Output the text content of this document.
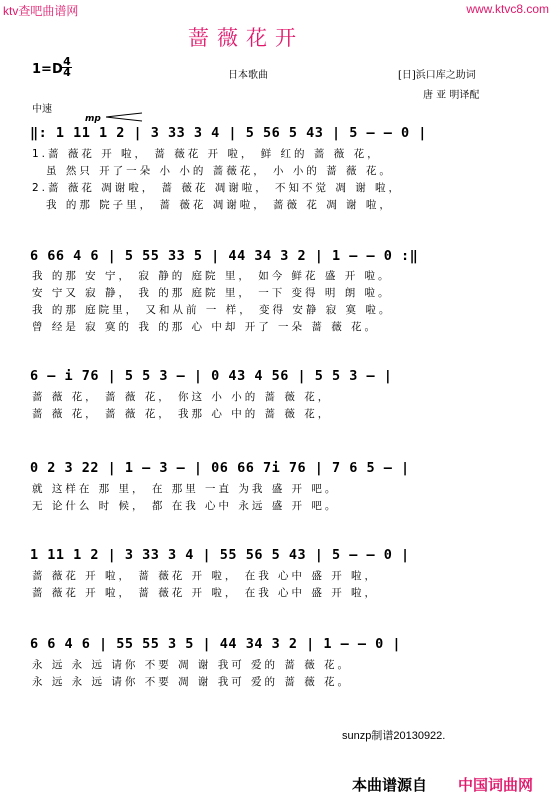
ktv查吧曲谱网	www.ktvc8.com
蔷薇花开
1=D
4
4	日本歌曲	[日]浜口库之助词
唐 亚 明译配
中速
mp
‖: 1 11 1 2 | 3 33 3 4 | 5 56 5 43 | 5 – – 0 |
1.蔷 薇花 开 啦， 蔷 薇花 开 啦， 鲜 红的 蔷 薇 花，
虽 然只 开了一朵 小 小的 蔷薇花， 小 小的 蔷 薇 花。
2.蔷 薇花 凋谢啦， 蔷 薇花 凋谢啦， 不知不觉 凋 谢 啦，
我 的那 院子里， 蔷 薇花 凋谢啦， 蔷薇 花 凋 谢 啦，
6 66 4 6 | 5 55 33 5 | 44 34 3 2 | 1 – – 0 :‖
我 的那 安 宁， 寂 静的 庭院 里， 如今 鲜花 盛 开 啦。
安 宁又 寂 静， 我 的那 庭院 里， 一下 变得 明 朗 啦。
我 的那 庭院里， 又和从前 一 样， 变得 安静 寂 寞 啦。
曾 经是 寂 寞的 我 的那 心 中却 开了 一朵 蔷 薇 花。
6 – i 76 | 5 5 3 – | 0 43 4 56 | 5 5 3 – |
蔷 薇 花， 蔷 薇 花， 你这 小 小的 蔷 薇 花，
蔷 薇 花， 蔷 薇 花， 我那 心 中的 蔷 薇 花，
0 2 3 22 | 1 – 3 – | 06 66 7i 76 | 7 6 5 – |
就 这样在 那 里， 在 那里 一直 为我 盛 开 吧。
无 论什么 时 候， 都 在我 心中 永远 盛 开 吧。
1 11 1 2 | 3 33 3 4 | 55 56 5 43 | 5 – – 0 |
蔷 薇花 开 啦， 蔷 薇花 开 啦， 在我 心中 盛 开 啦，
蔷 薇花 开 啦， 蔷 薇花 开 啦， 在我 心中 盛 开 啦，
6 6 4 6 | 55 55 3 5 | 44 34 3 2 | 1 – – 0 |
永 远 永 远 请你 不要 凋 谢 我可 爱的 蔷 薇 花。
永 远 永 远 请你 不要 凋 谢 我可 爱的 蔷 薇 花。
sunzp制谱20130922.
本曲谱源自 中国词曲网
